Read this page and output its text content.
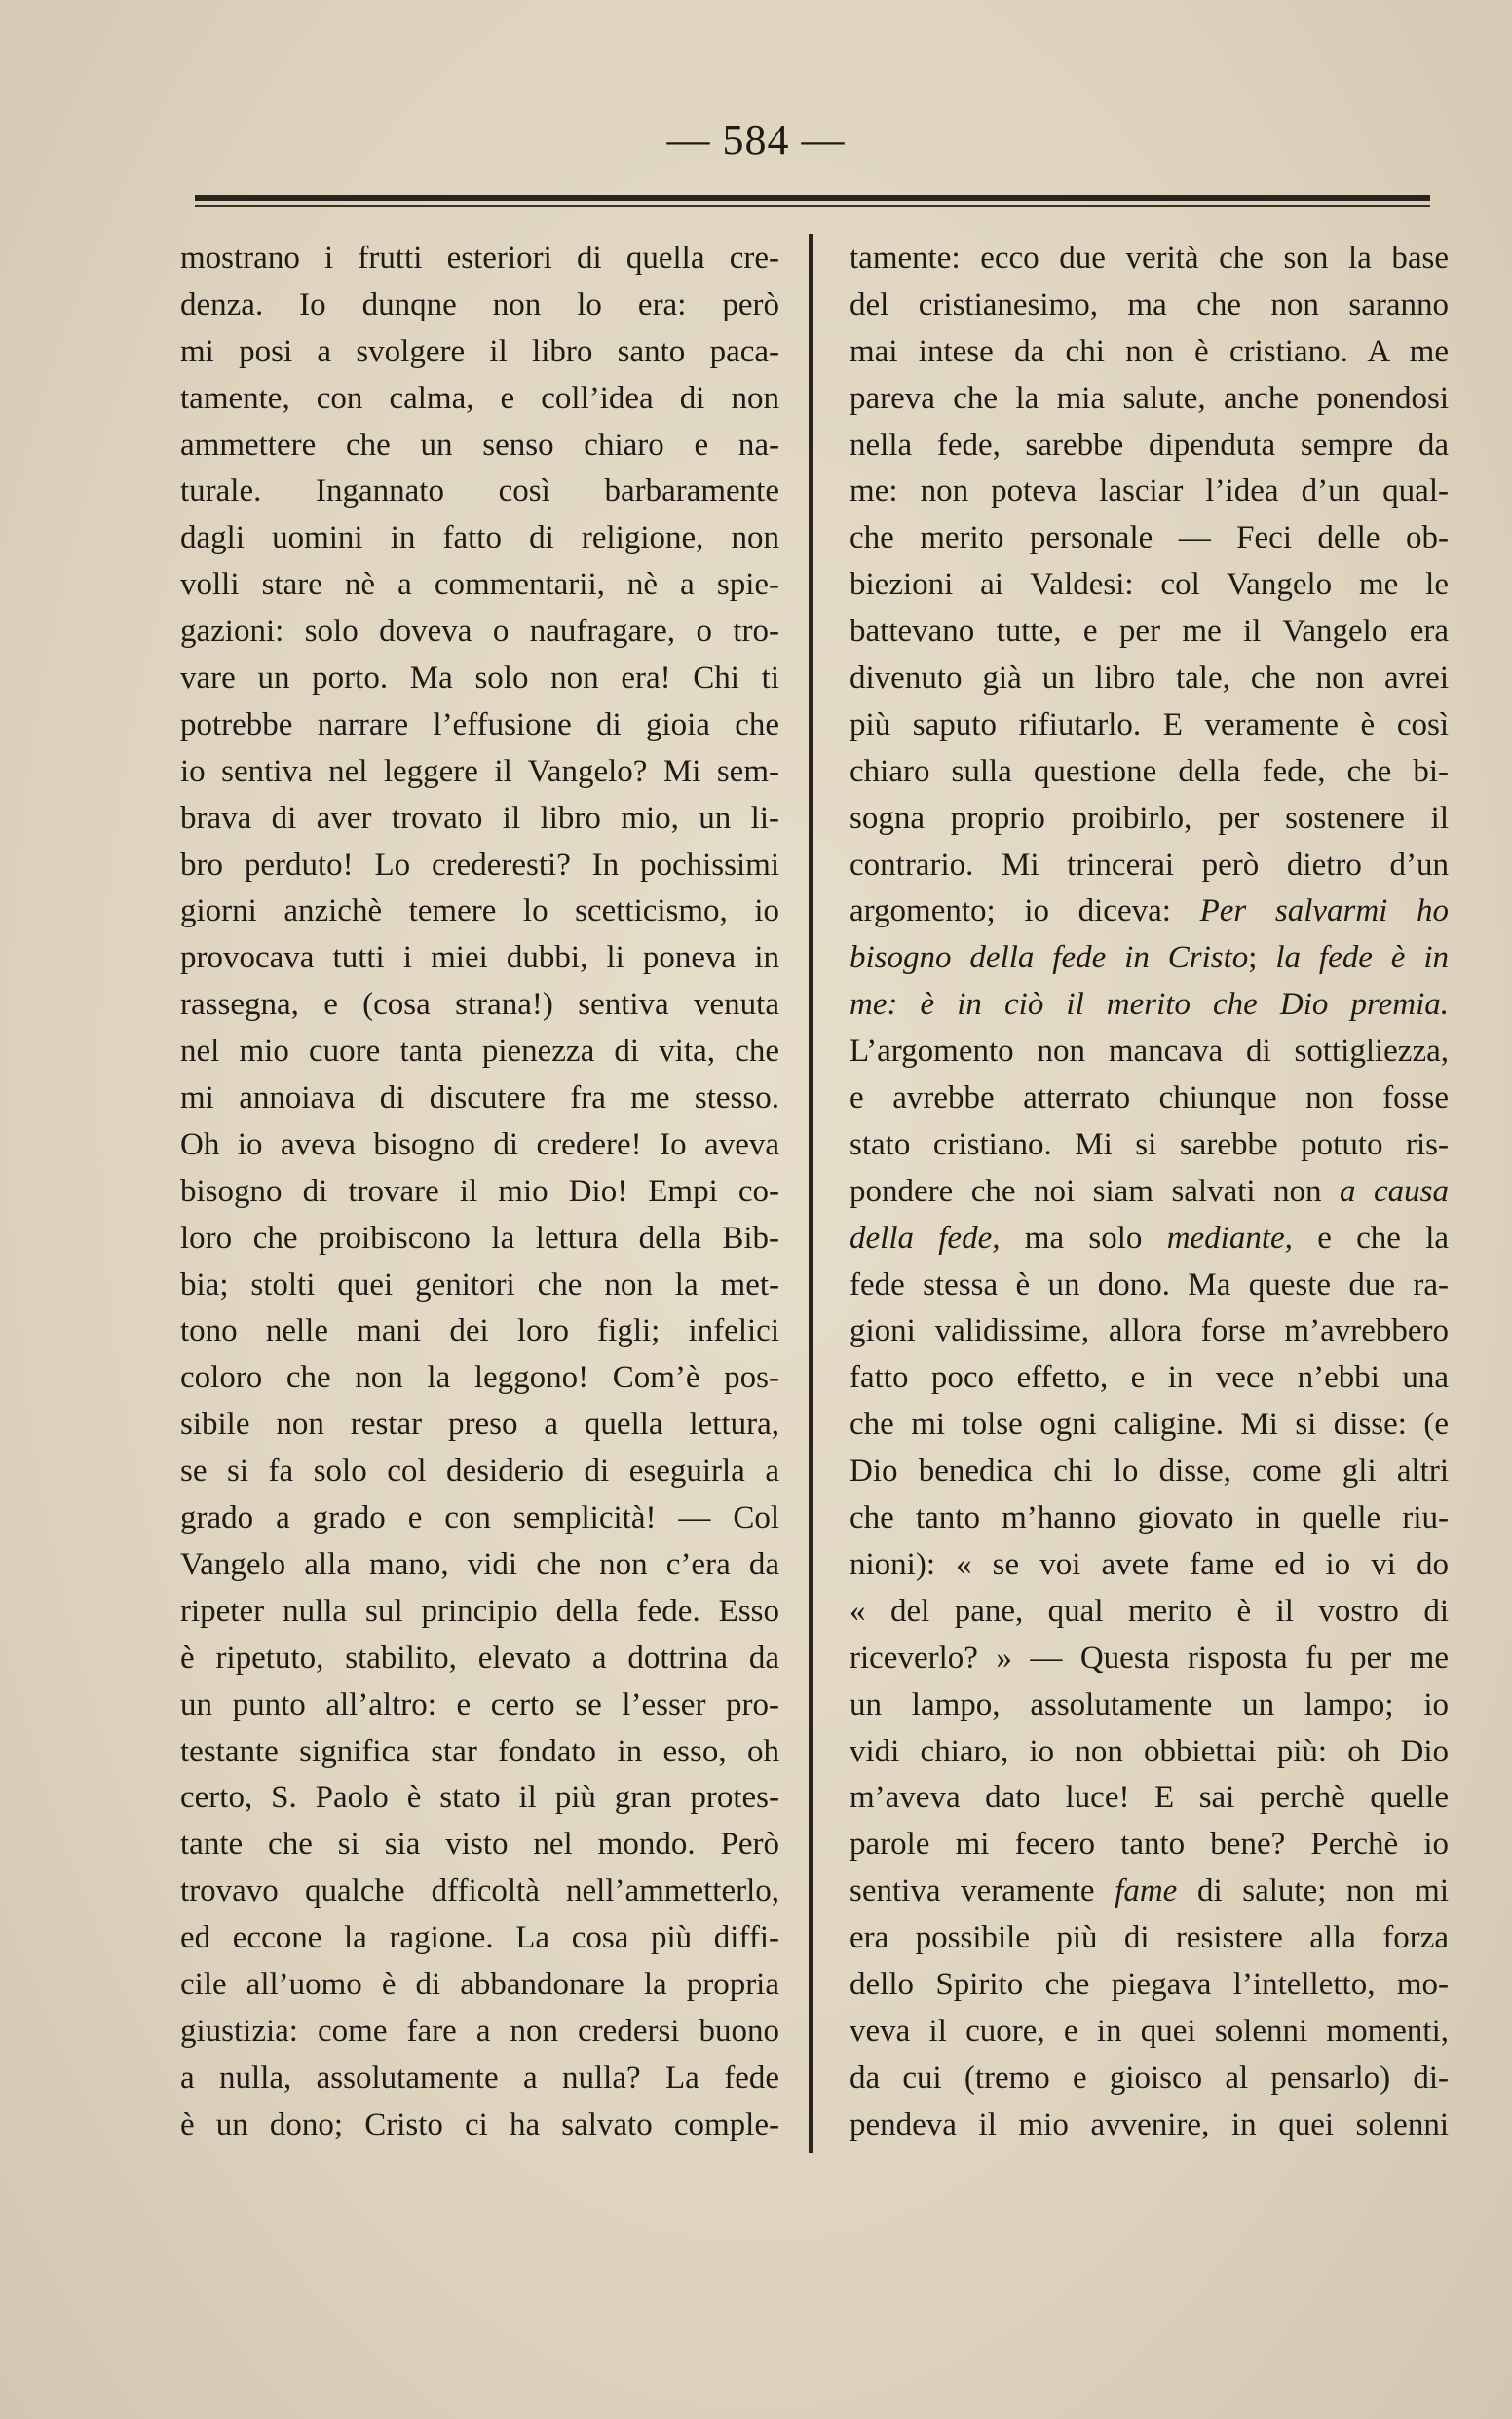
— 584 —
mostrano i frutti esteriori di quella cre-
denza. Io dunqne non lo era: però
mi posi a svolgere il libro santo paca-
tamente, con calma, e coll’idea di non
ammettere che un senso chiaro e na-
turale. Ingannato così barbaramente
dagli uomini in fatto di religione, non
volli stare nè a commentarii, nè a spie-
gazioni: solo doveva o naufragare, o tro-
vare un porto. Ma solo non era! Chi ti
potrebbe narrare l’effusione di gioia che
io sentiva nel leggere il Vangelo? Mi sem-
brava di aver trovato il libro mio, un li-
bro perduto! Lo crederesti? In pochissimi
giorni anzichè temere lo scetticismo, io
provocava tutti i miei dubbi, li poneva in
rassegna, e (cosa strana!) sentiva venuta
nel mio cuore tanta pienezza di vita, che
mi annoiava di discutere fra me stesso.
Oh io aveva bisogno di credere! Io aveva
bisogno di trovare il mio Dio! Empi co-
loro che proibiscono la lettura della Bib-
bia; stolti quei genitori che non la met-
tono nelle mani dei loro figli; infelici
coloro che non la leggono! Com’è pos-
sibile non restar preso a quella lettura,
se si fa solo col desiderio di eseguirla a
grado a grado e con semplicità! — Col
Vangelo alla mano, vidi che non c’era da
ripeter nulla sul principio della fede. Esso
è ripetuto, stabilito, elevato a dottrina da
un punto all’altro: e certo se l’esser pro-
testante significa star fondato in esso, oh
certo, S. Paolo è stato il più gran protes-
tante che si sia visto nel mondo. Però
trovavo qualche dfficoltà nell’ammetterlo,
ed eccone la ragione. La cosa più diffi-
cile all’uomo è di abbandonare la propria
giustizia: come fare a non credersi buono
a nulla, assolutamente a nulla? La fede
è un dono; Cristo ci ha salvato comple-
tamente: ecco due verità che son la base
del cristianesimo, ma che non saranno
mai intese da chi non è cristiano. A me
pareva che la mia salute, anche ponendosi
nella fede, sarebbe dipenduta sempre da
me: non poteva lasciar l’idea d’un qual-
che merito personale — Feci delle ob-
biezioni ai Valdesi: col Vangelo me le
battevano tutte, e per me il Vangelo era
divenuto già un libro tale, che non avrei
più saputo rifiutarlo. E veramente è così
chiaro sulla questione della fede, che bi-
sogna proprio proibirlo, per sostenere il
contrario. Mi trincerai però dietro d’un
argomento; io diceva: Per salvarmi ho
bisogno della fede in Cristo; la fede è in
me: è in ciò il merito che Dio premia.
L’argomento non mancava di sottigliezza,
e avrebbe atterrato chiunque non fosse
stato cristiano. Mi si sarebbe potuto ris-
pondere che noi siam salvati non a causa
della fede, ma solo mediante, e che la
fede stessa è un dono. Ma queste due ra-
gioni validissime, allora forse m’avrebbero
fatto poco effetto, e in vece n’ebbi una
che mi tolse ogni caligine. Mi si disse: (e
Dio benedica chi lo disse, come gli altri
che tanto m’hanno giovato in quelle riu-
nioni): « se voi avete fame ed io vi do
« del pane, qual merito è il vostro di
riceverlo? » — Questa risposta fu per me
un lampo, assolutamente un lampo; io
vidi chiaro, io non obbiettai più: oh Dio
m’aveva dato luce! E sai perchè quelle
parole mi fecero tanto bene? Perchè io
sentiva veramente fame di salute; non mi
era possibile più di resistere alla forza
dello Spirito che piegava l’intelletto, mo-
veva il cuore, e in quei solenni momenti,
da cui (tremo e gioisco al pensarlo) di-
pendeva il mio avvenire, in quei solenni
